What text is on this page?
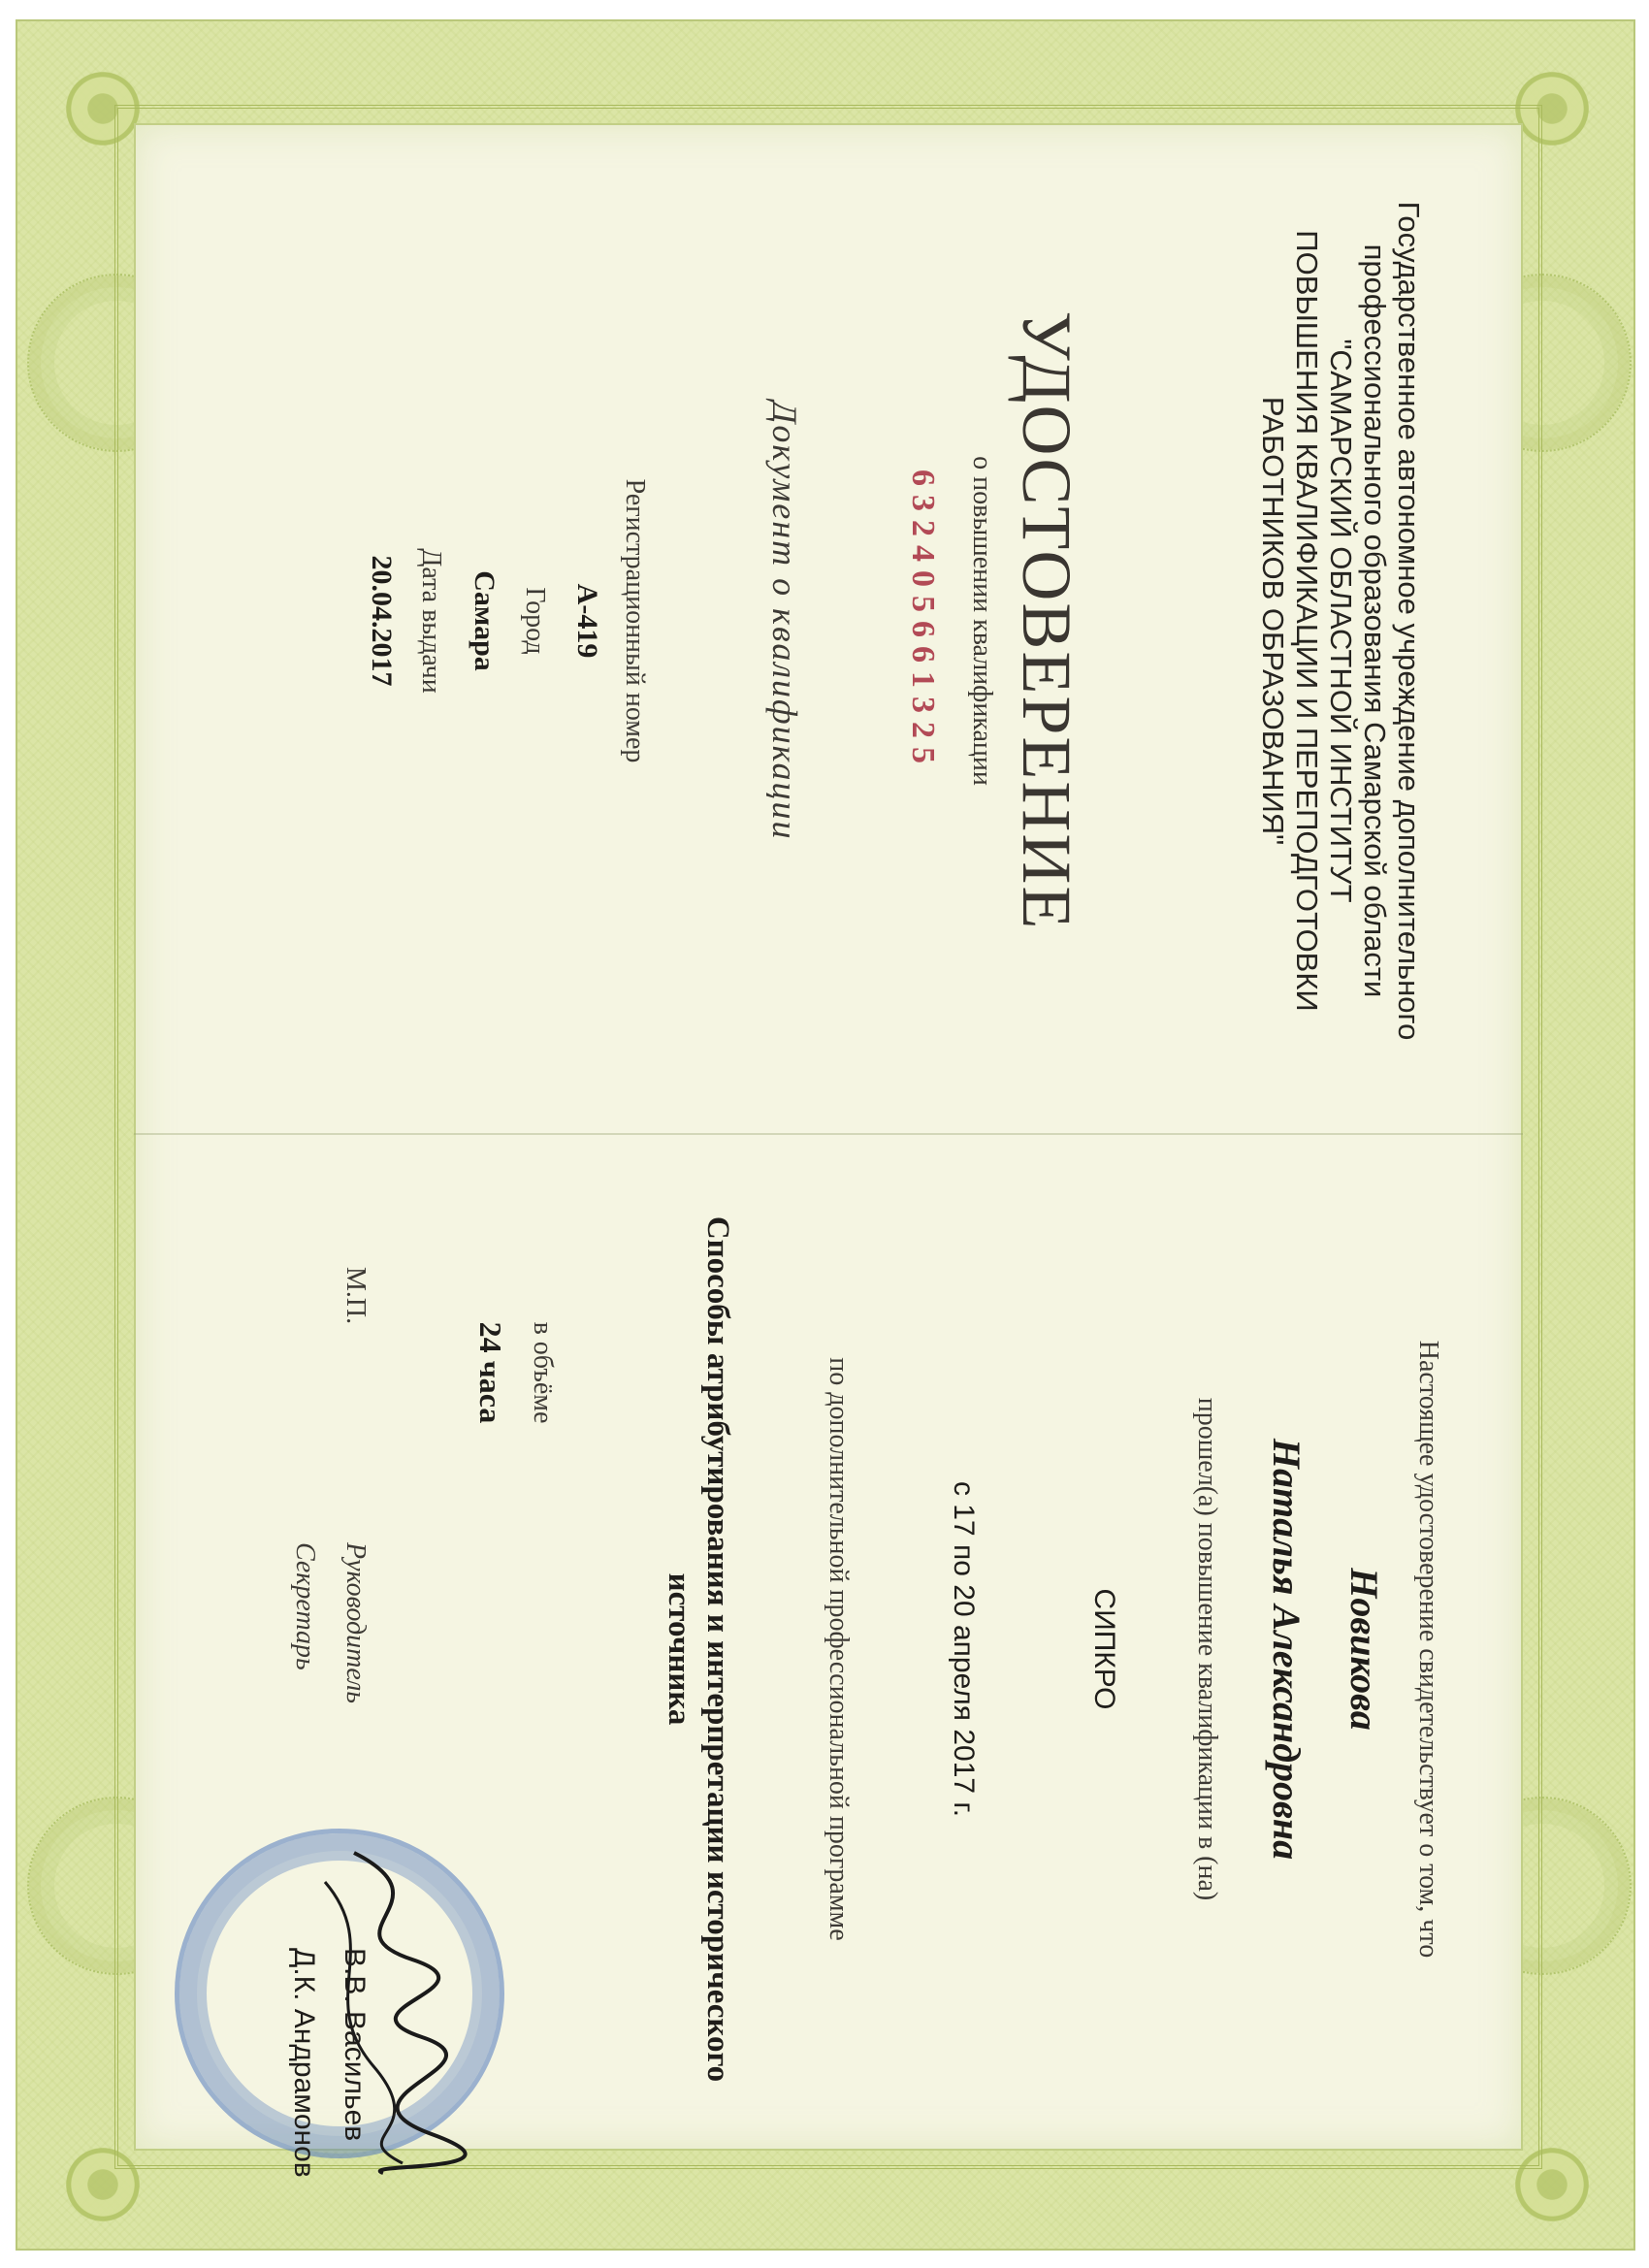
Государственное автономное учреждение дополнительного
профессионального образования Самарской области
"САМАРСКИЙ ОБЛАСТНОЙ ИНСТИТУТ
ПОВЫШЕНИЯ КВАЛИФИКАЦИИ И ПЕРЕПОДГОТОВКИ
РАБОТНИКОВ ОБРАЗОВАНИЯ"
УДОСТОВЕРЕНИЕ
о повышении квалификации
632405661325
Документ о квалификации
Регистрационный номер
А-419
Город
Самара
Дата выдачи
20.04.2017
Настоящее удостоверение свидетельствует о том, что
Новикова
Наталья Александровна
прошел(а) повышение квалификации в (на)
СИПКРО
с 17 по 20 апреля 2017 г.
по дополнительной профессиональной программе
Способы атрибутирования и интерпретации исторического источника
в объёме
24 часа
М.П.
Руководитель
Секретарь
В.В. Васильев
Д.К. Андрамонов
